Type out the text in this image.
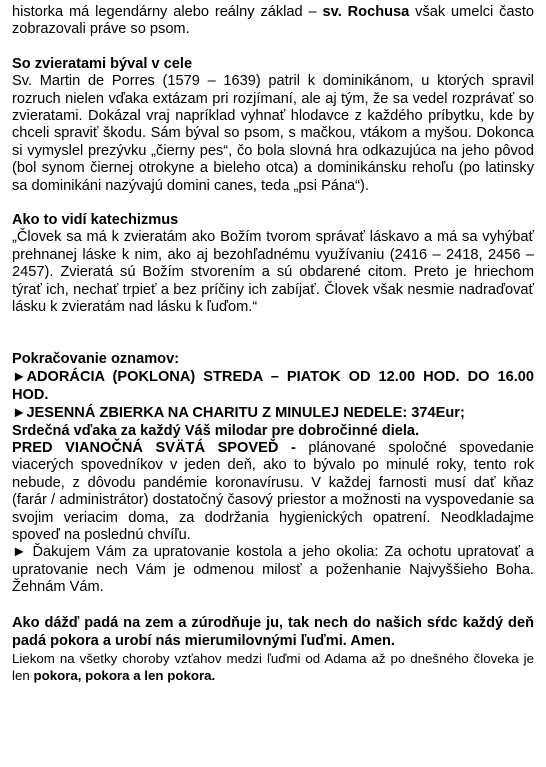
historka má legendárny alebo reálny základ – sv. Rochusa však umelci často zobrazovali práve so psom.

So zvieratami býval v cele

Sv. Martin de Porres (1579 – 1639) patril k dominikánom, u ktorých spravil rozruch nielen vďaka extázam pri rozjímaní, ale aj tým, že sa vedel rozprávať so zvieratami. Dokázal vraj napríklad vyhnať hlodavce z každého príbytku, kde by chceli spraviť škodu. Sám býval so psom, s mačkou, vtákom a myšou. Dokonca si vymyslel prezývku „čierny pes“, čo bola slovná hra odkazujúca na jeho pôvod (bol synom čiernej otrokyne a bieleho otca) a dominikánsku rehoľu (po latinsky sa dominikáni nazývajú domini canes, teda „psi Pána“).

Ako to vidí katechizmus

„Človek sa má k zvieratám ako Božím tvorom správať láskavo a má sa vyhýbať prehnanej láske k nim, ako aj bezohľadnému využívaniu (2416 – 2418, 2456 – 2457). Zvieratá sú Božím stvorením a sú obdarené citom. Preto je hriechom týrať ich, nechať trpieť a bez príčiny ich zabíjať. Človek však nesmie nadraďovať lásku k zvieratám nad lásku k ľuďom.“

Pokračovanie oznamov:

►ADORÁCIA (POKLONA) STREDA – PIATOK OD 12.00 HOD. DO 16.00 HOD.

►JESENNÁ ZBIERKA NA CHARITU Z MINULEJ NEDELE: 374Eur;

Srdečná vďaka za každý Váš milodar pre dobročinné diela.

PRED VIANOČNÁ SVÄTÁ SPOVEĎ - plánované spoločné spovedanie viacerých spovedníkov v jeden deň, ako to bývalo po minulé roky, tento rok nebude, z dôvodu pandémie koronavírusu. V každej farnosti musí dať kňaz (farár / administrátor) dostatočný časový priestor a možnosti na vyspovedanie sa svojim veriacim doma, za dodržania hygienických opatrení. Neodkladajme spoveď na poslednú chvíľu.

► Ďakujem Vám za upratovanie kostola a jeho okolia: Za ochotu upratovať a upratovanie nech Vám je odmenou milosť a poženhanie Najvyššieho Boha. Žehnám Vám.

Ako dážď padá na zem a zúrodňuje ju, tak nech do našich sŕdc každý deň padá pokora a urobí nás mierumilovnými ľuďmi. Amen.

Liekom na všetky choroby vzťahov medzi ľuďmi od Adama až po dnešného človeka je len pokora, pokora a len pokora.
